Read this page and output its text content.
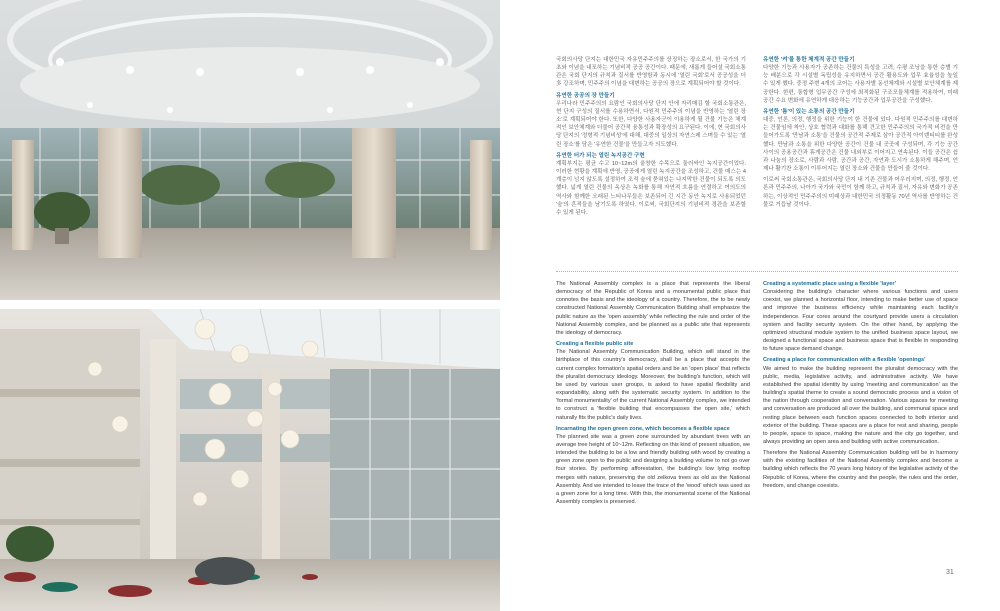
국회의사당 단지는 대한민국 자유민주주의를 상징하는 장소로서, 한 국가의 기초와 이념을 내포하는 기념비적 공공 공간이다. 때문에, 새롭게 들어설 국회소통관은 국회 단지의 규칙과 질서를 반영함과 동시에 '열린 국회'로서 공공성을 더 多 강조하며, 민주주의 이념을 대변하는 공공의 장으로 계획되어야 할 것이다.

유연한 공공의 장 만들기

우리나라 민주주의의 요람인 국회의사당 단지 안에 자리매김 할 국회소통관은, 현 단지 구성의 질서를 수용하면서, 다원적 민주주의 이념을 반영하는 '열린 장소'로 계획되어야 한다. 또한, 다양한 사용자군이 이용하게 될 건물 기능은 체계적인 보안체계와 더불어 공간적 융통성과 확장성의 요구된다. 이에, 현 국회의사당 단지의 '정형적 기념비성'에 대해, 대중의 일상의 자연스레 스며들 수 있는 '열린 장소'를 담은 '유연한 건물'을 만들고자 의도했다.

유연한 터가 되는 열린 녹지공간 구현

계획부지는 평균 수고 10~12m의 울창한 수목으로 둘러싸인 녹지공간이었다. 이러한 현황을 계획에 반영, 공공에게 열린 녹지공간을 조성하고, 건물 매스는 4개층이 넘지 않도록 설정하여 조적 숲에 묻혀있는 나지막한 건물이 되도록 의도했다. 넓게 열린 건물의 옥상은 녹화를 통해 자연적 흐름을 연결하고 여의도의 역사와 함께한 오래된 느티나무들은 보존되어 긴 시간 동안 녹지로 사용되었던 '숲'의 흔적들을 남기도록 하였다. 이로써, 국회단지의 기념비적 경관을 보존할 수 있게 된다.

유연한 '켜'를 통한 체계적 공간 만들기

다양한 기능과 사용자가 공존하는 건물의 특성을 고려, 수평 조닝을 통한 층별 기능 배분으로 각 시설별 독립성을 유지하면서 공간 활용도와 업무 효율성을 높일 수 있게 했다. 중정 주변 4개의 코어는 사용자별 동선체계와 시설별 보안체계를 제공한다. 한편, 통합형 업무공간 구성에 최적화된 구조모듈체계를 적용하여, 미래 공간 수요 변화에 유연하게 대응하는 기능공간과 업무공간을 구성했다.

유연한 '틈'이 있는 소통의 공간 만들기

대중, 언론, 의정, 행정을 위한 기능이 한 건물에 있다. 다원적 민주주의를 대변하는 건물임에 착안, 상호 협력과 대화를 통해 견고한 민주주의의 국가적 비전을 만들어가도록 '만남과 소통'을 건물의 공간적 주제로 삼아 공간적 아이덴티티를 완성했다. 만남과 소통을 위한 다양한 공간이 건물 내 곳곳에 구성되며, 각 기능 공간 사이의 공용공간과 휴게공간은 건물 내외부로 이어지고 연속된다. 이들 공간은 쉼과 나눔의 장소로, 사람과 사람, 공간과 공간, 자연과 도시가 소통하게 해주며, 언제나 활기찬 소통이 이루어지는 열린 장소와 건물을 만들어 줄 것이다.

이로써 국회소통관은, 국회의사당 단지 내 기존 건물과 어우러지며, 의정, 행정, 언론과 민주주의, 나아가 국가와 국민이 함께 하고, 규칙과 질서, 자유와 변화가 공존하는, 이상적인 민주주의의 미래상과 대한민국 의정활동 70년 역사를 반영하는 건물로 거듭날 것이다.

The National Assembly complex is a place that represents the liberal democracy of the Republic of Korea and a monumental public place that connotes the basis and the ideology of a country. Therefore, the to be newly constructed National Assembly Communication Building shall emphasize the public nature as the 'open assembly' while reflecting the rule and order of the National Assembly complex, and be planned as a public site that represents the ideology of democracy.

Creating a flexible public site

The National Assembly Communication Building, which will stand in the birthplace of this country's democracy, shall be a place that accepts the current complex formation's spatial orders and be an 'open place' that reflects the pluralist democracy ideology. Moreover, the building's function, which will be used by various user groups, is asked to have spatial flexibility and expandability, along with the systematic security system. In addition to the 'formal monumentality' of the current National Assembly complex, we intended to construct a 'flexible building that encompasses the open site,' which naturally fits the public's daily lives.

Incarnating the open green zone, which becomes a flexible space

The planned site was a green zone surrounded by abundant trees with an average tree height of 10~12m. Reflecting on this kind of present situation, we intended the building to be a low and friendly building with wood by creating a green zone open to the public and designing a building volume to not go over four stories. By performing afforestation, the building's low lying rooftop merges with nature, preserving the old zelkova trees as old as the National Assembly. And we intended to leave the trace of the 'wood' which was used as a green zone for a long time. With this, the monumental scene of the National Assembly complex is preserved.

Creating a systematic place using a flexible 'layer'

Considering the building's character where various functions and users coexist, we planned a horizontal floor, intending to make better use of space and improve the business efficiency while maintaining each facility's independence. Four cores around the courtyard provide users a circulation system and facility security system. On the other hand, by applying the optimized structural module system to the unified business space layout, we designed a functional space and business space that is flexible in responding to future space demand change.

Creating a place for communication with a flexible 'openings'

We aimed to make the building represent the pluralist democracy with the public, media, legislative activity, and administrative activity. We have established the spatial identity by using 'meeting and communication' as the building's spatial theme to create a sound democratic process and a vision of the nation through cooperation and conversation. Various spaces for meeting and conversation are produced all over the building, and communal space and resting place between each function spaces connected to both interior and exterior of the building. These spaces are a place for rest and sharing, people to people, space to space, making the nature and the city go together, and always providing an open area and building with active communication.

Therefore the National Assembly Communication building will be in harmony with the existing facilities of the National Assembly complex and become a building which reflects the 70 years long history of the legislative activity of the Republic of Korea, where the country and the people, the rules and the order, freedom, and change coexists.

31
